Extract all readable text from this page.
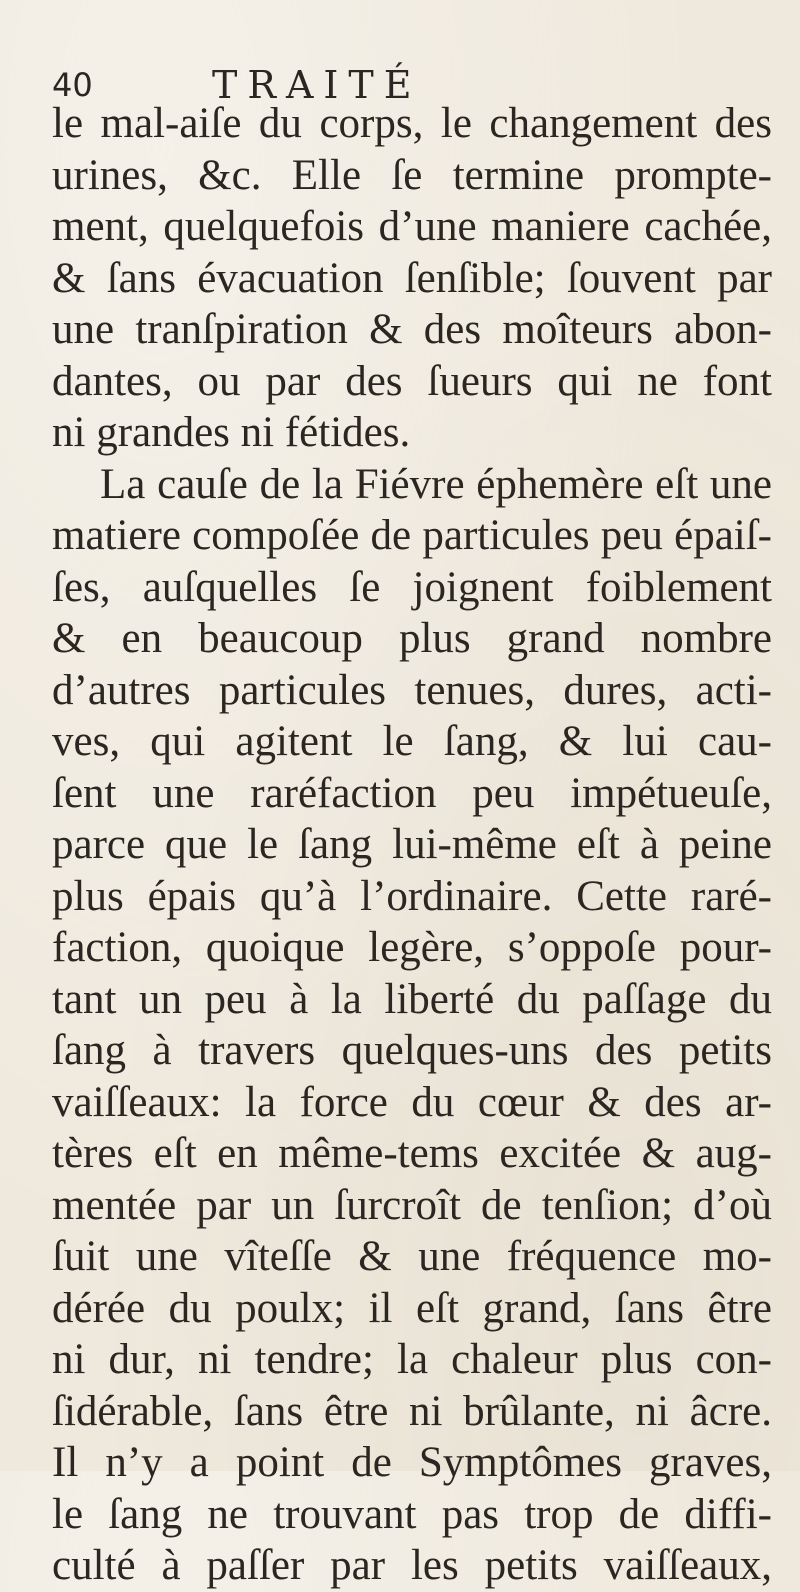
40	TRAITÉ
le mal-aiſe du corps, le changement des
urines, &c. Elle ſe termine prompte-
ment, quelquefois d’une maniere cachée,
& ſans évacuation ſenſible; ſouvent par
une tranſpiration & des moîteurs abon-
dantes, ou par des ſueurs qui ne font
ni grandes ni fétides.
La cauſe de la Fiévre éphemère eſt une
matiere compoſée de particules peu épaiſ-
ſes, auſquelles ſe joignent foiblement
& en beaucoup plus grand nombre
d’autres particules tenues, dures, acti-
ves, qui agitent le ſang, & lui cau-
ſent une raréfaction peu impétueuſe,
parce que le ſang lui-même eſt à peine
plus épais qu’à l’ordinaire. Cette raré-
faction, quoique legère, s’oppoſe pour-
tant un peu à la liberté du paſſage du
ſang à travers quelques-uns des petits
vaiſſeaux: la force du cœur & des ar-
tères eſt en même-tems excitée & aug-
mentée par un ſurcroît de tenſion; d’où
ſuit une vîteſſe & une fréquence mo-
dérée du poulx; il eſt grand, ſans être
ni dur, ni tendre; la chaleur plus con-
ſidérable, ſans être ni brûlante, ni âcre.
Il n’y a point de Symptômes graves,
le ſang ne trouvant pas trop de diffi-
culté à paſſer par les petits vaiſſeaux,
